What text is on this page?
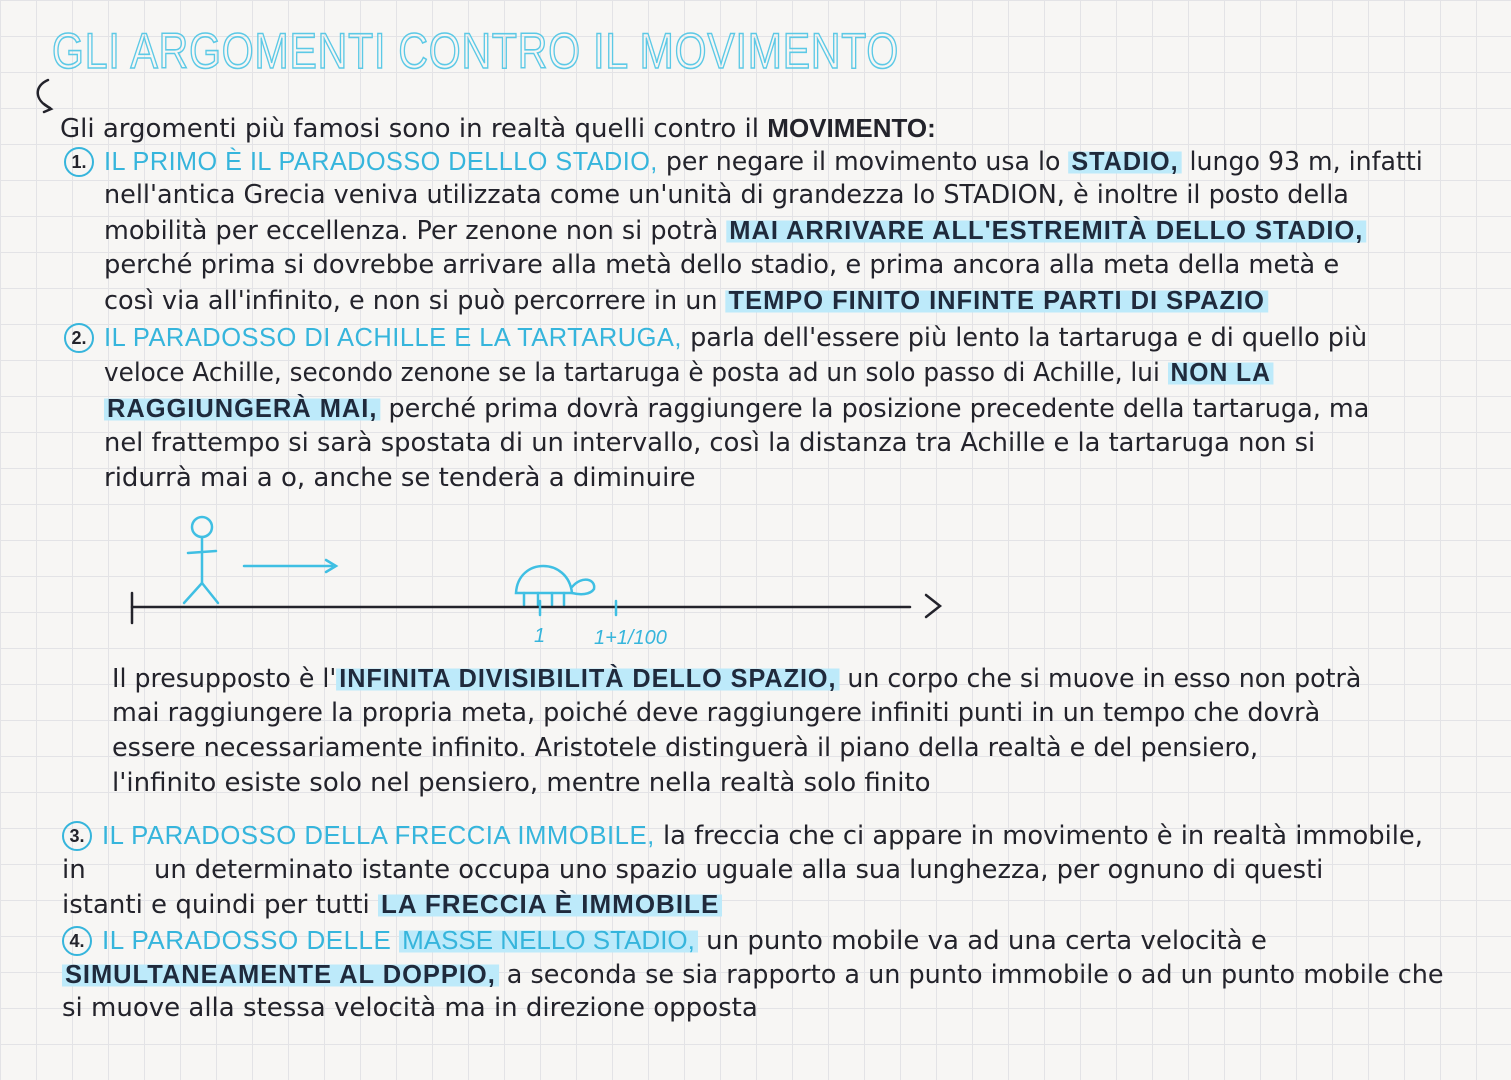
GLI ARGOMENTI CONTRO IL MOVIMENTO
Gli argomenti più famosi sono in realtà quelli contro il MOVIMENTO:
1. IL PRIMO È IL PARADOSSO DELLLO STADIO, per negare il movimento usa lo STADIO, lungo 93 m, infatti
nell'antica Grecia veniva utilizzata come un'unità di grandezza lo STADION, è inoltre il posto della
mobilità per eccellenza. Per zenone non si potrà MAI ARRIVARE ALL'ESTREMITÀ DELLO STADIO,
perché prima si dovrebbe arrivare alla metà dello stadio, e prima ancora alla meta della metà e
così via all'infinito, e non si può percorrere in un TEMPO FINITO INFINTE PARTI DI SPAZIO
2. IL PARADOSSO DI ACHILLE E LA TARTARUGA, parla dell'essere più lento la tartaruga e di quello più
veloce Achille, secondo zenone se la tartaruga è posta ad un solo passo di Achille, lui NON LA
RAGGIUNGERÀ MAI, perché prima dovrà raggiungere la posizione precedente della tartaruga, ma
nel frattempo si sarà spostata di un intervallo, così la distanza tra Achille e la tartaruga non si
ridurrà mai a o, anche se tenderà a diminuire
1 1+1/100
Il presupposto è l' INFINITA DIVISIBILITÀ DELLO SPAZIO, un corpo che si muove in esso non potrà
mai raggiungere la propria meta, poiché deve raggiungere infiniti punti in un tempo che dovrà
essere necessariamente infinito. Aristotele distinguerà il piano della realtà e del pensiero,
l'infinito esiste solo nel pensiero, mentre nella realtà solo finito
3. IL PARADOSSO DELLA FRECCIA IMMOBILE, la freccia che ci appare in movimento è in realtà immobile,
in	un determinato istante occupa uno spazio uguale alla sua lunghezza, per ognuno di questi
istanti e quindi per tutti LA FRECCIA È IMMOBILE
4. IL PARADOSSO DELLE MASSE NELLO STADIO, un punto mobile va ad una certa velocità e
SIMULTANEAMENTE AL DOPPIO, a seconda se sia rapporto a un punto immobile o ad un punto mobile che
si muove alla stessa velocità ma in direzione opposta
